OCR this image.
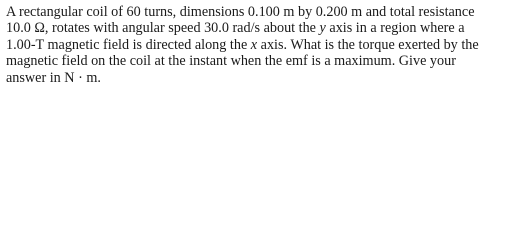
A rectangular coil of 60 turns, dimensions 0.100 m by 0.200 m and total resistance
10.0 Ω, rotates with angular speed 30.0 rad/s about the y axis in a region where a
1.00-T magnetic field is directed along the x axis. What is the torque exerted by the
magnetic field on the coil at the instant when the emf is a maximum. Give your
answer in N · m.
